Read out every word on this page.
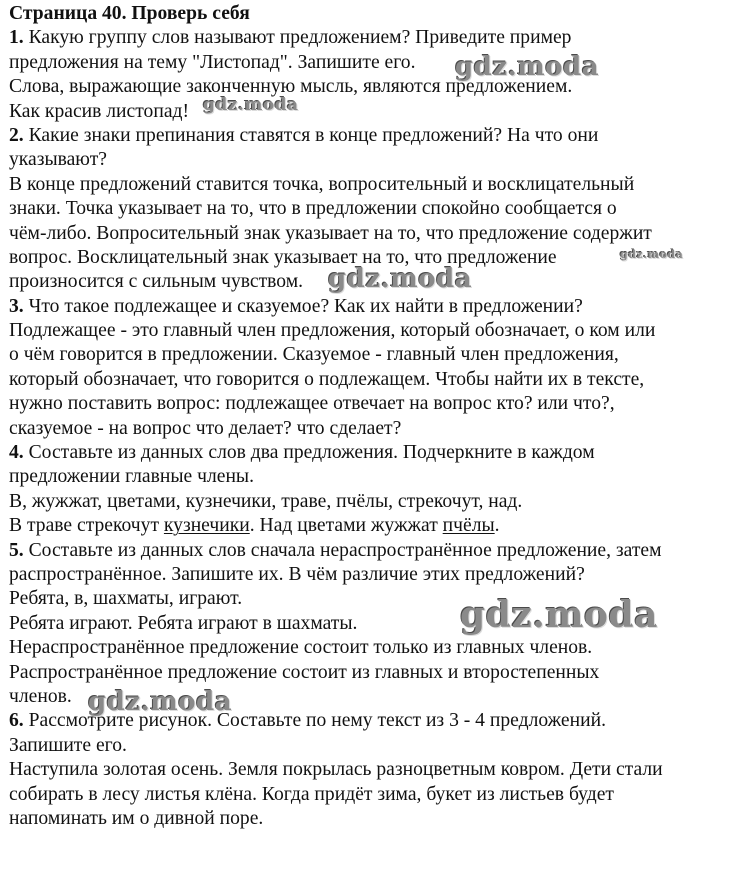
Страница 40. Проверь себя
1. Какую группу слов называют предложением? Приведите пример
предложения на тему "Листопад". Запишите его.
Слова, выражающие законченную мысль, являются предложением.
Как красив листопад!
2. Какие знаки препинания ставятся в конце предложений? На что они
указывают?
В конце предложений ставится точка, вопросительный и восклицательный
знаки. Точка указывает на то, что в предложении спокойно сообщается о
чём-либо. Вопросительный знак указывает на то, что предложение содержит
вопрос. Восклицательный знак указывает на то, что предложение
произносится с сильным чувством.
3. Что такое подлежащее и сказуемое? Как их найти в предложении?
Подлежащее - это главный член предложения, который обозначает, о ком или
о чём говорится в предложении. Сказуемое - главный член предложения,
который обозначает, что говорится о подлежащем. Чтобы найти их в тексте,
нужно поставить вопрос: подлежащее отвечает на вопрос кто? или что?,
сказуемое - на вопрос что делает? что сделает?
4. Составьте из данных слов два предложения. Подчеркните в каждом
предложении главные члены.
В, жужжат, цветами, кузнечики, траве, пчёлы, стрекочут, над.
В траве стрекочут кузнечики. Над цветами жужжат пчёлы.
5. Составьте из данных слов сначала нераспространённое предложение, затем
распространённое. Запишите их. В чём различие этих предложений?
Ребята, в, шахматы, играют.
Ребята играют. Ребята играют в шахматы.
Нераспространённое предложение состоит только из главных членов.
Распространённое предложение состоит из главных и второстепенных
членов.
6. Рассмотрите рисунок. Составьте по нему текст из 3 - 4 предложений.
Запишите его.
Наступила золотая осень. Земля покрылась разноцветным ковром. Дети стали
собирать в лесу листья клёна. Когда придёт зима, букет из листьев будет
напоминать им о дивной поре.
gdz.moda
gdz.moda
gdz.moda
gdz.moda
gdz.moda
gdz.moda
